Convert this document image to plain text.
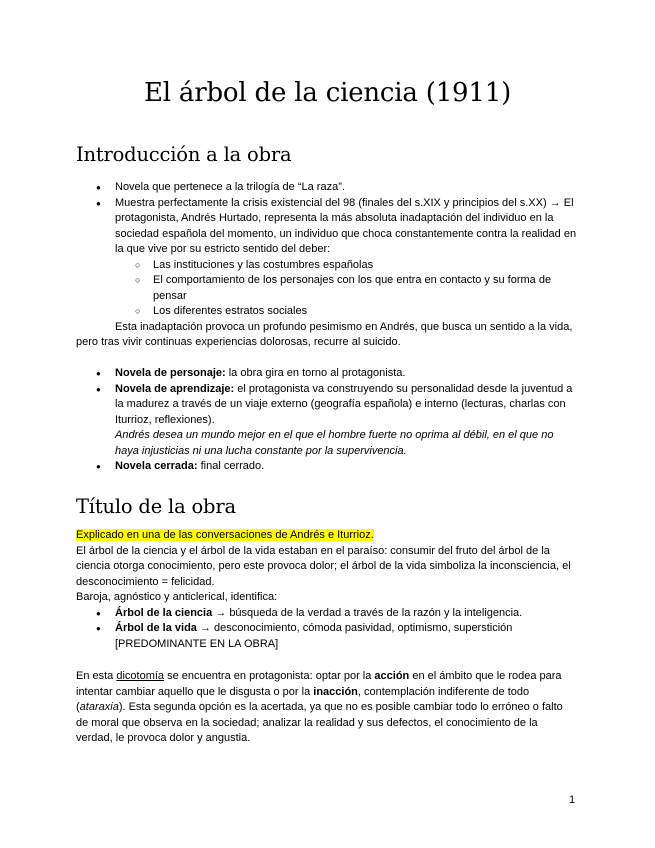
El árbol de la ciencia (1911)
Introducción a la obra
● Novela que pertenece a la trilogía de “La raza”.
● Muestra perfectamente la crisis existencial del 98 (finales del s.XIX y principios del s.XX) → El protagonista, Andrés Hurtado, representa la más absoluta inadaptación del individuo en la sociedad española del momento, un individuo que choca constantemente contra la realidad en la que vive por su estricto sentido del deber:
○ Las instituciones y las costumbres españolas
○ El comportamiento de los personajes con los que entra en contacto y su forma de pensar
○ Los diferentes estratos sociales

Esta inadaptación provoca un profundo pesimismo en Andrés, que busca un sentido a la vida, pero tras vivir continuas experiencias dolorosas, recurre al suicido.

● Novela de personaje: la obra gira en torno al protagonista.
● Novela de aprendizaje: el protagonista va construyendo su personalidad desde la juventud a la madurez a través de un viaje externo (geografía española) e interno (lecturas, charlas con Iturrioz, reflexiones).
Andrés desea un mundo mejor en el que el hombre fuerte no oprima al débil, en el que no haya injusticias ni una lucha constante por la supervivencia.
● Novela cerrada: final cerrado.
Título de la obra
Explicado en una de las conversaciones de Andrés e Iturrioz.
El árbol de la ciencia y el árbol de la vida estaban en el paraíso: consumir del fruto del árbol de la ciencia otorga conocimiento, pero este provoca dolor; el árbol de la vida simboliza la inconsciencia, el desconocimiento = felicidad.
Baroja, agnóstico y anticlerical, identifica:
● Árbol de la ciencia → búsqueda de la verdad a través de la razón y la inteligencia.
● Árbol de la vida → desconocimiento, cómoda pasividad, optimismo, superstición [PREDOMINANTE EN LA OBRA]
En esta dicotomía se encuentra en protagonista: optar por la acción en el ámbito que le rodea para intentar cambiar aquello que le disgusta o por la inacción, contemplación indiferente de todo (ataraxia). Esta segunda opción es la acertada, ya que no es posible cambiar todo lo erróneo o falto de moral que observa en la sociedad; analizar la realidad y sus defectos, el conocimiento de la verdad, le provoca dolor y angustia.
1
